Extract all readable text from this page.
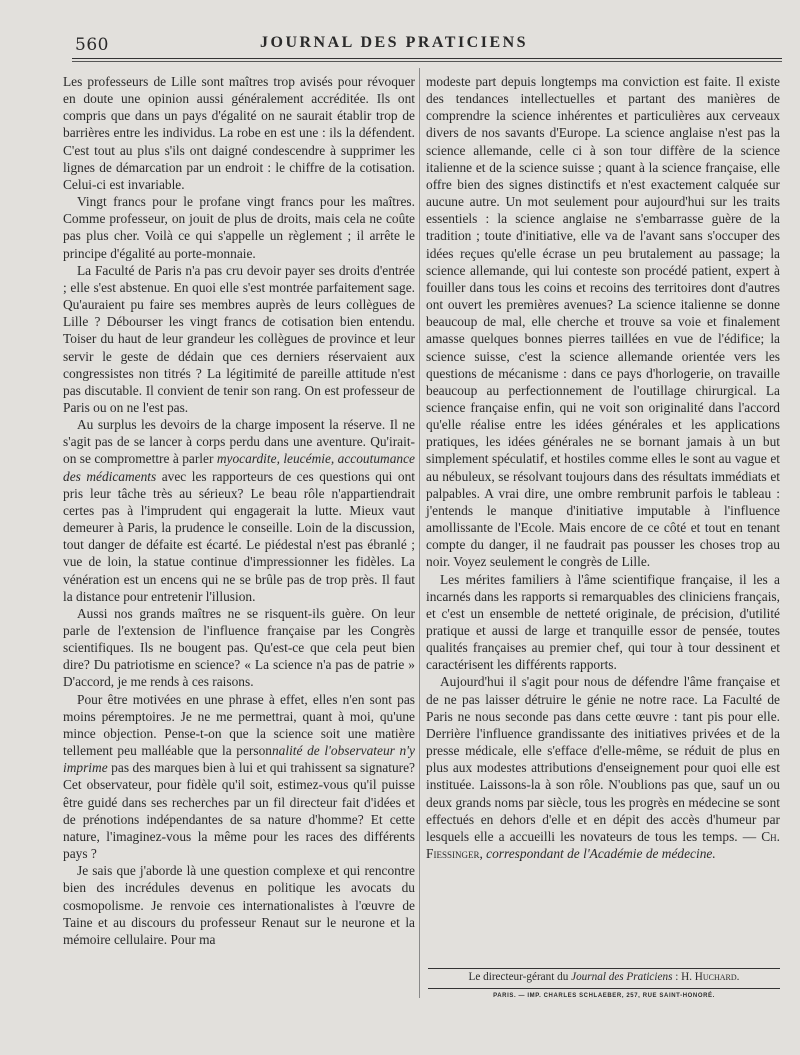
560	JOURNAL DES PRATICIENS

Les professeurs de Lille sont maîtres trop avisés pour révoquer en doute une opinion aussi généralement accréditée. Ils ont compris que dans un pays d'égalité on ne saurait établir trop de barrières entre les individus. La robe en est une : ils la défendent. C'est tout au plus s'ils ont daigné condescendre à supprimer les lignes de démarcation par un endroit : le chiffre de la cotisation. Celui-ci est invariable.

Vingt francs pour le profane vingt francs pour les maîtres. Comme professeur, on jouit de plus de droits, mais cela ne coûte pas plus cher. Voilà ce qui s'appelle un règlement ; il arrête le principe d'égalité au porte-monnaie.

La Faculté de Paris n'a pas cru devoir payer ses droits d'entrée ; elle s'est abstenue. En quoi elle s'est montrée parfaitement sage. Qu'auraient pu faire ses membres auprès de leurs collègues de Lille ? Débourser les vingt francs de cotisation bien entendu. Toiser du haut de leur grandeur les collègues de province et leur servir le geste de dédain que ces derniers réservaient aux congressistes non titrés ? La légitimité de pareille attitude n'est pas discutable. Il convient de tenir son rang. On est professeur de Paris ou on ne l'est pas.

Au surplus les devoirs de la charge imposent la réserve. Il ne s'agit pas de se lancer à corps perdu dans une aventure. Qu'irait-on se compromettre à parler myocardite, leucémie, accoutumance des médicaments avec les rapporteurs de ces questions qui ont pris leur tâche très au sérieux? Le beau rôle n'appartiendrait certes pas à l'imprudent qui engagerait la lutte. Mieux vaut demeurer à Paris, la prudence le conseille. Loin de la discussion, tout danger de défaite est écarté. Le piédestal n'est pas ébranlé ; vue de loin, la statue continue d'impressionner les fidèles. La vénération est un encens qui ne se brûle pas de trop près. Il faut la distance pour entretenir l'illusion.

Aussi nos grands maîtres ne se risquent-ils guère. On leur parle de l'extension de l'influence française par les Congrès scientifiques. Ils ne bougent pas. Qu'est-ce que cela peut bien dire? Du patriotisme en science? « La science n'a pas de patrie » D'accord, je me rends à ces raisons.

Pour être motivées en une phrase à effet, elles n'en sont pas moins péremptoires. Je ne me permettrai, quant à moi, qu'une mince objection. Pense-t-on que la science soit une matière tellement peu malléable que la personnalité de l'observateur n'y imprime pas des marques bien à lui et qui trahissent sa signature? Cet observateur, pour fidèle qu'il soit, estimez-vous qu'il puisse être guidé dans ses recherches par un fil directeur fait d'idées et de prénotions indépendantes de sa nature d'homme? Et cette nature, l'imaginez-vous la même pour les races des différents pays ?

Je sais que j'aborde là une question complexe et qui rencontre bien des incrédules devenus en politique les avocats du cosmopolisme. Je renvoie ces internationalistes à l'œuvre de Taine et au discours du professeur Renaut sur le neurone et la mémoire cellulaire. Pour ma

modeste part depuis longtemps ma conviction est faite. Il existe des tendances intellectuelles et partant des manières de comprendre la science inhérentes et particulières aux cerveaux divers de nos savants d'Europe. La science anglaise n'est pas la science allemande, celle ci à son tour diffère de la science italienne et de la science suisse ; quant à la science française, elle offre bien des signes distinctifs et n'est exactement calquée sur aucune autre. Un mot seulement pour aujourd'hui sur les traits essentiels : la science anglaise ne s'embarrasse guère de la tradition ; toute d'initiative, elle va de l'avant sans s'occuper des idées reçues qu'elle écrase un peu brutalement au passage; la science allemande, qui lui conteste son procédé patient, expert à fouiller dans tous les coins et recoins des territoires dont d'autres ont ouvert les premières avenues? La science italienne se donne beaucoup de mal, elle cherche et trouve sa voie et finalement amasse quelques bonnes pierres taillées en vue de l'édifice; la science suisse, c'est la science allemande orientée vers les questions de mécanisme : dans ce pays d'horlogerie, on travaille beaucoup au perfectionnement de l'outillage chirurgical. La science française enfin, qui ne voit son originalité dans l'accord qu'elle réalise entre les idées générales et les applications pratiques, les idées générales ne se bornant jamais à un but simplement spéculatif, et hostiles comme elles le sont au vague et au nébuleux, se résolvant toujours dans des résultats immédiats et palpables. A vrai dire, une ombre rembrunit parfois le tableau : j'entends le manque d'initiative imputable à l'influence amollissante de l'Ecole. Mais encore de ce côté et tout en tenant compte du danger, il ne faudrait pas pousser les choses trop au noir. Voyez seulement le congrès de Lille.

Les mérites familiers à l'âme scientifique française, il les a incarnés dans les rapports si remarquables des cliniciens français, et c'est un ensemble de netteté originale, de précision, d'utilité pratique et aussi de large et tranquille essor de pensée, toutes qualités françaises au premier chef, qui tour à tour dessinent et caractérisent les différents rapports.

Aujourd'hui il s'agit pour nous de défendre l'âme française et de ne pas laisser détruire le génie ne notre race. La Faculté de Paris ne nous seconde pas dans cette œuvre : tant pis pour elle. Derrière l'influence grandissante des initiatives privées et de la presse médicale, elle s'efface d'elle-même, se réduit de plus en plus aux modestes attributions d'enseignement pour quoi elle est instituée. Laissons-la à son rôle. N'oublions pas que, sauf un ou deux grands noms par siècle, tous les progrès en médecine se sont effectués en dehors d'elle et en dépit des accès d'humeur par lesquels elle a accueilli les novateurs de tous les temps. — Ch. Fiessinger, correspondant de l'Académie de médecine.

Le directeur-gérant du Journal des Praticiens : H. Huchard.
PARIS. — IMP. CHARLES SCHLAEBER, 257, RUE SAINT-HONORÉ.
